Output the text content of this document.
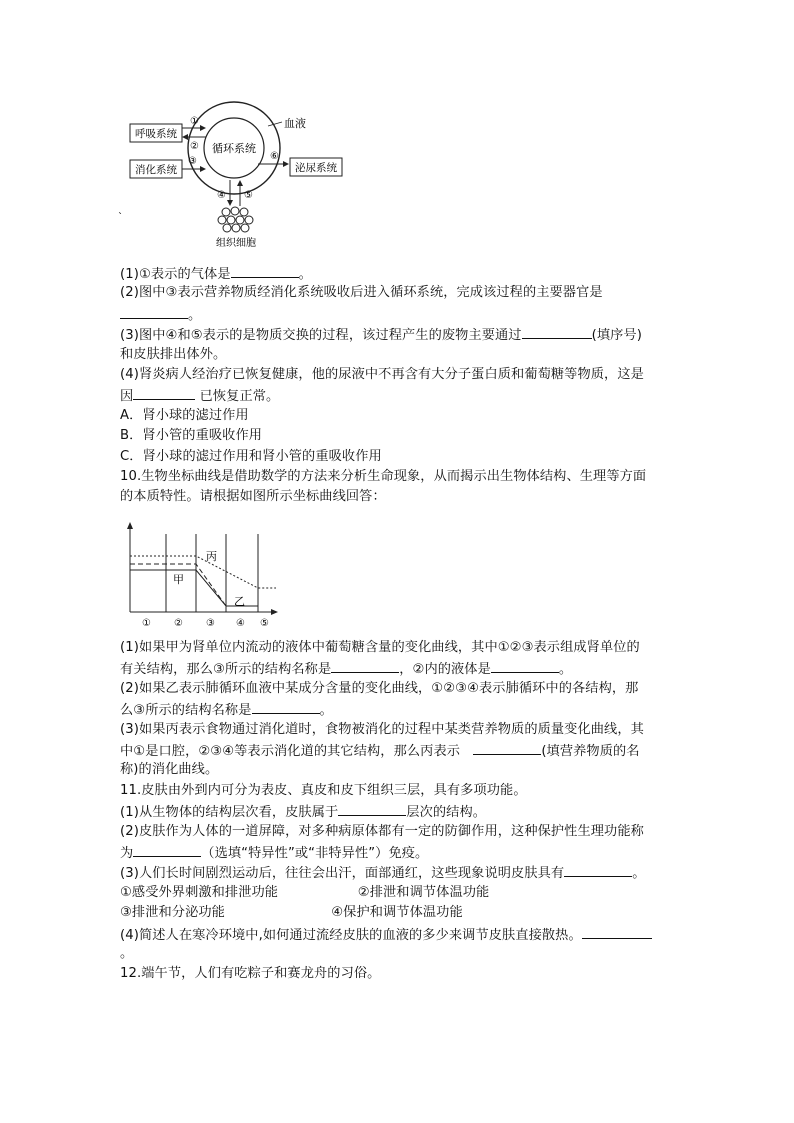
循环系统
血液
呼吸系统
消化系统	泌尿系统
①
②
③	⑥
④ ⑤
组织细胞
`
(1)①表示的气体是	。
(2)图中③表示营养物质经消化系统吸收后进入循环系统，完成该过程的主要器官是
。
(3)图中④和⑤表示的是物质交换的过程，该过程产生的废物主要通过	(填序号)
和皮肤排出体外。
(4)肾炎病人经治疗已恢复健康，他的尿液中不再含有大分子蛋白质和葡萄糖等物质，这是
因	已恢复正常。
A．肾小球的滤过作用
B．肾小管的重吸收作用
C．肾小球的滤过作用和肾小管的重吸收作用
10.生物坐标曲线是借助数学的方法来分析生命现象，从而揭示出生物体结构、生理等方面
的本质特性。请根据如图所示坐标曲线回答：
丙
甲
乙
① ② ③ ④ ⑤
(1)如果甲为肾单位内流动的液体中葡萄糖含量的变化曲线，其中①②③表示组成肾单位的
有关结构，那么③所示的结构名称是	，②内的液体是	。
(2)如果乙表示肺循环血液中某成分含量的变化曲线，①②③④表示肺循环中的各结构，那
么③所示的结构名称是	。
(3)如果丙表示食物通过消化道时，食物被消化的过程中某类营养物质的质量变化曲线，其
中①是口腔，②③④等表示消化道的其它结构，那么丙表示　	(填营养物质的名
称)的消化曲线。
11.皮肤由外到内可分为表皮、真皮和皮下组织三层，具有多项功能。
(1)从生物体的结构层次看，皮肤属于	层次的结构。
(2)皮肤作为人体的一道屏障，对多种病原体都有一定的防御作用，这种保护性生理功能称
为	（选填“特异性”或“非特异性”）免疫。
(3)人们长时间剧烈运动后，往往会出汗，面部通红，这些现象说明皮肤具有	。
①感受外界刺激和排泄功能　　　　　　②排泄和调节体温功能
③排泄和分泌功能　　　　　　　　④保护和调节体温功能
(4)简述人在寒冷环境中,如何通过流经皮肤的血液的多少来调节皮肤直接散热。
。
12.端午节，人们有吃粽子和赛龙舟的习俗。
